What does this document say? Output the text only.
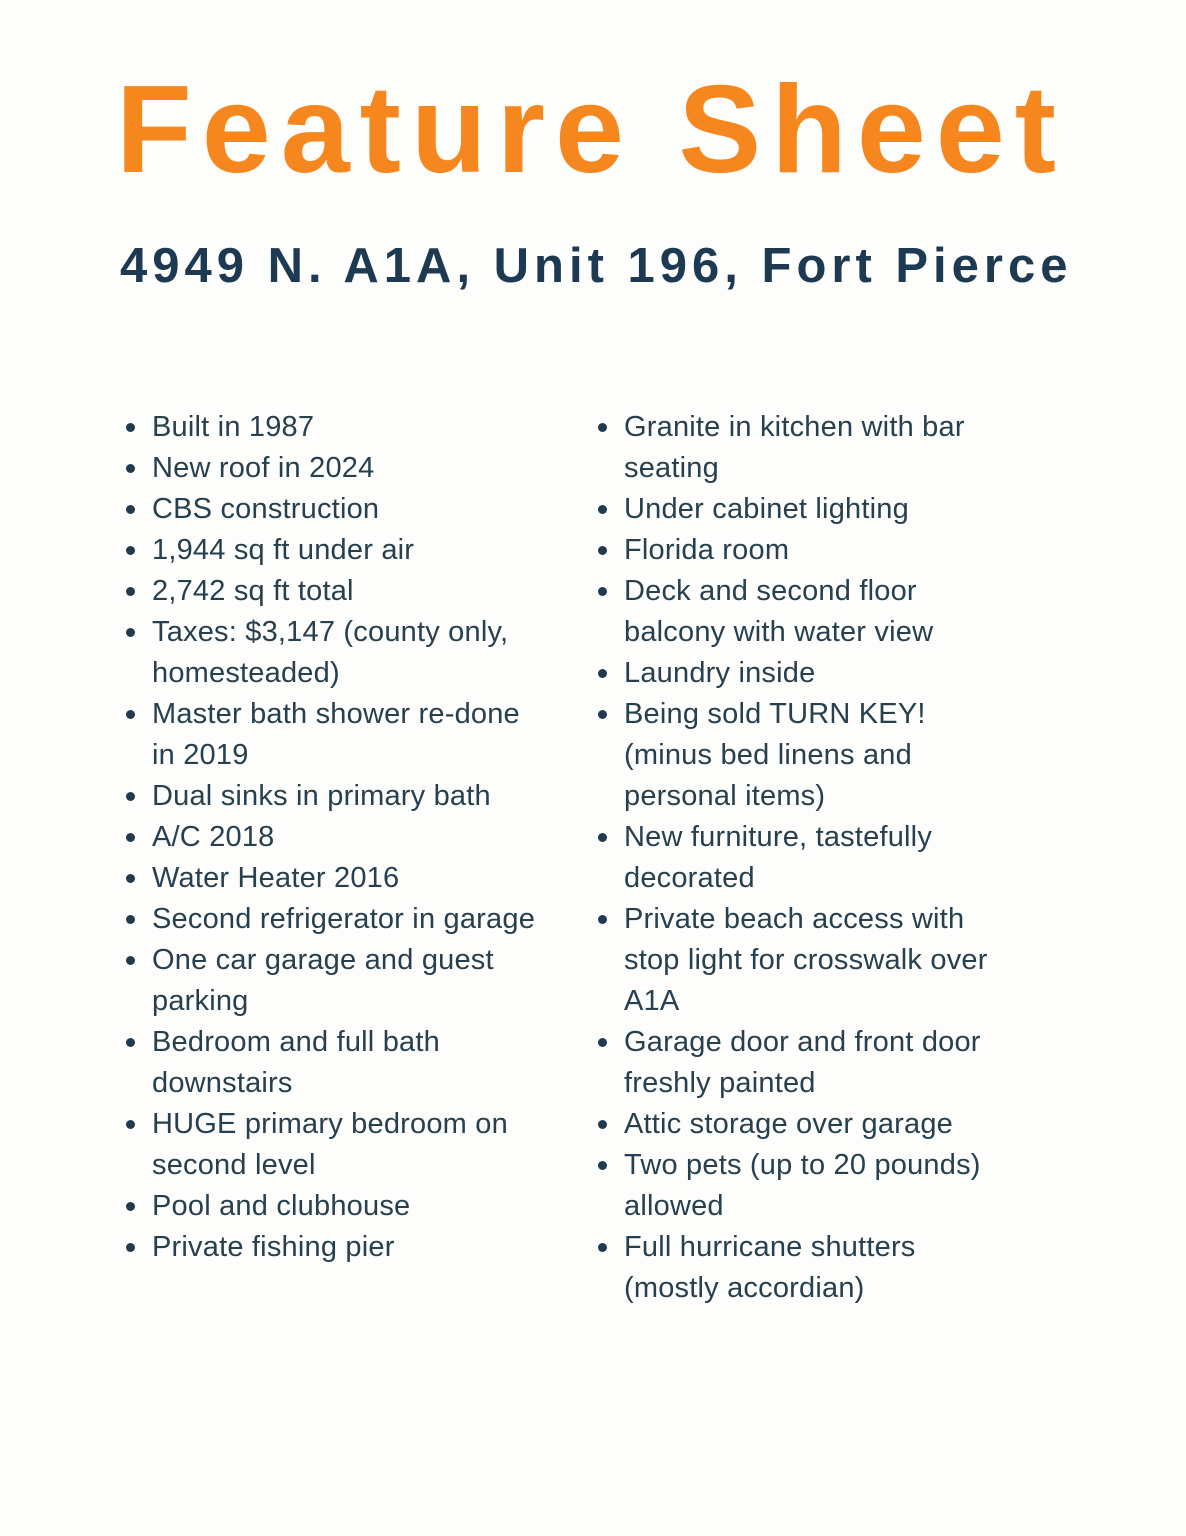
Feature Sheet
4949 N. A1A, Unit 196, Fort Pierce
Built in 1987
New roof in 2024
CBS construction
1,944 sq ft under air
2,742 sq ft total
Taxes: $3,147 (county only, homesteaded)
Master bath shower re-done in 2019
Dual sinks in primary bath
A/C 2018
Water Heater 2016
Second refrigerator in garage
One car garage and guest parking
Bedroom and full bath downstairs
HUGE primary bedroom on second level
Pool and clubhouse
Private fishing pier
Granite in kitchen with bar seating
Under cabinet lighting
Florida room
Deck and second floor balcony with water view
Laundry inside
Being sold TURN KEY! (minus bed linens and personal items)
New furniture, tastefully decorated
Private beach access with stop light for crosswalk over A1A
Garage door and front door freshly painted
Attic storage over garage
Two pets (up to 20 pounds) allowed
Full hurricane shutters (mostly accordian)
